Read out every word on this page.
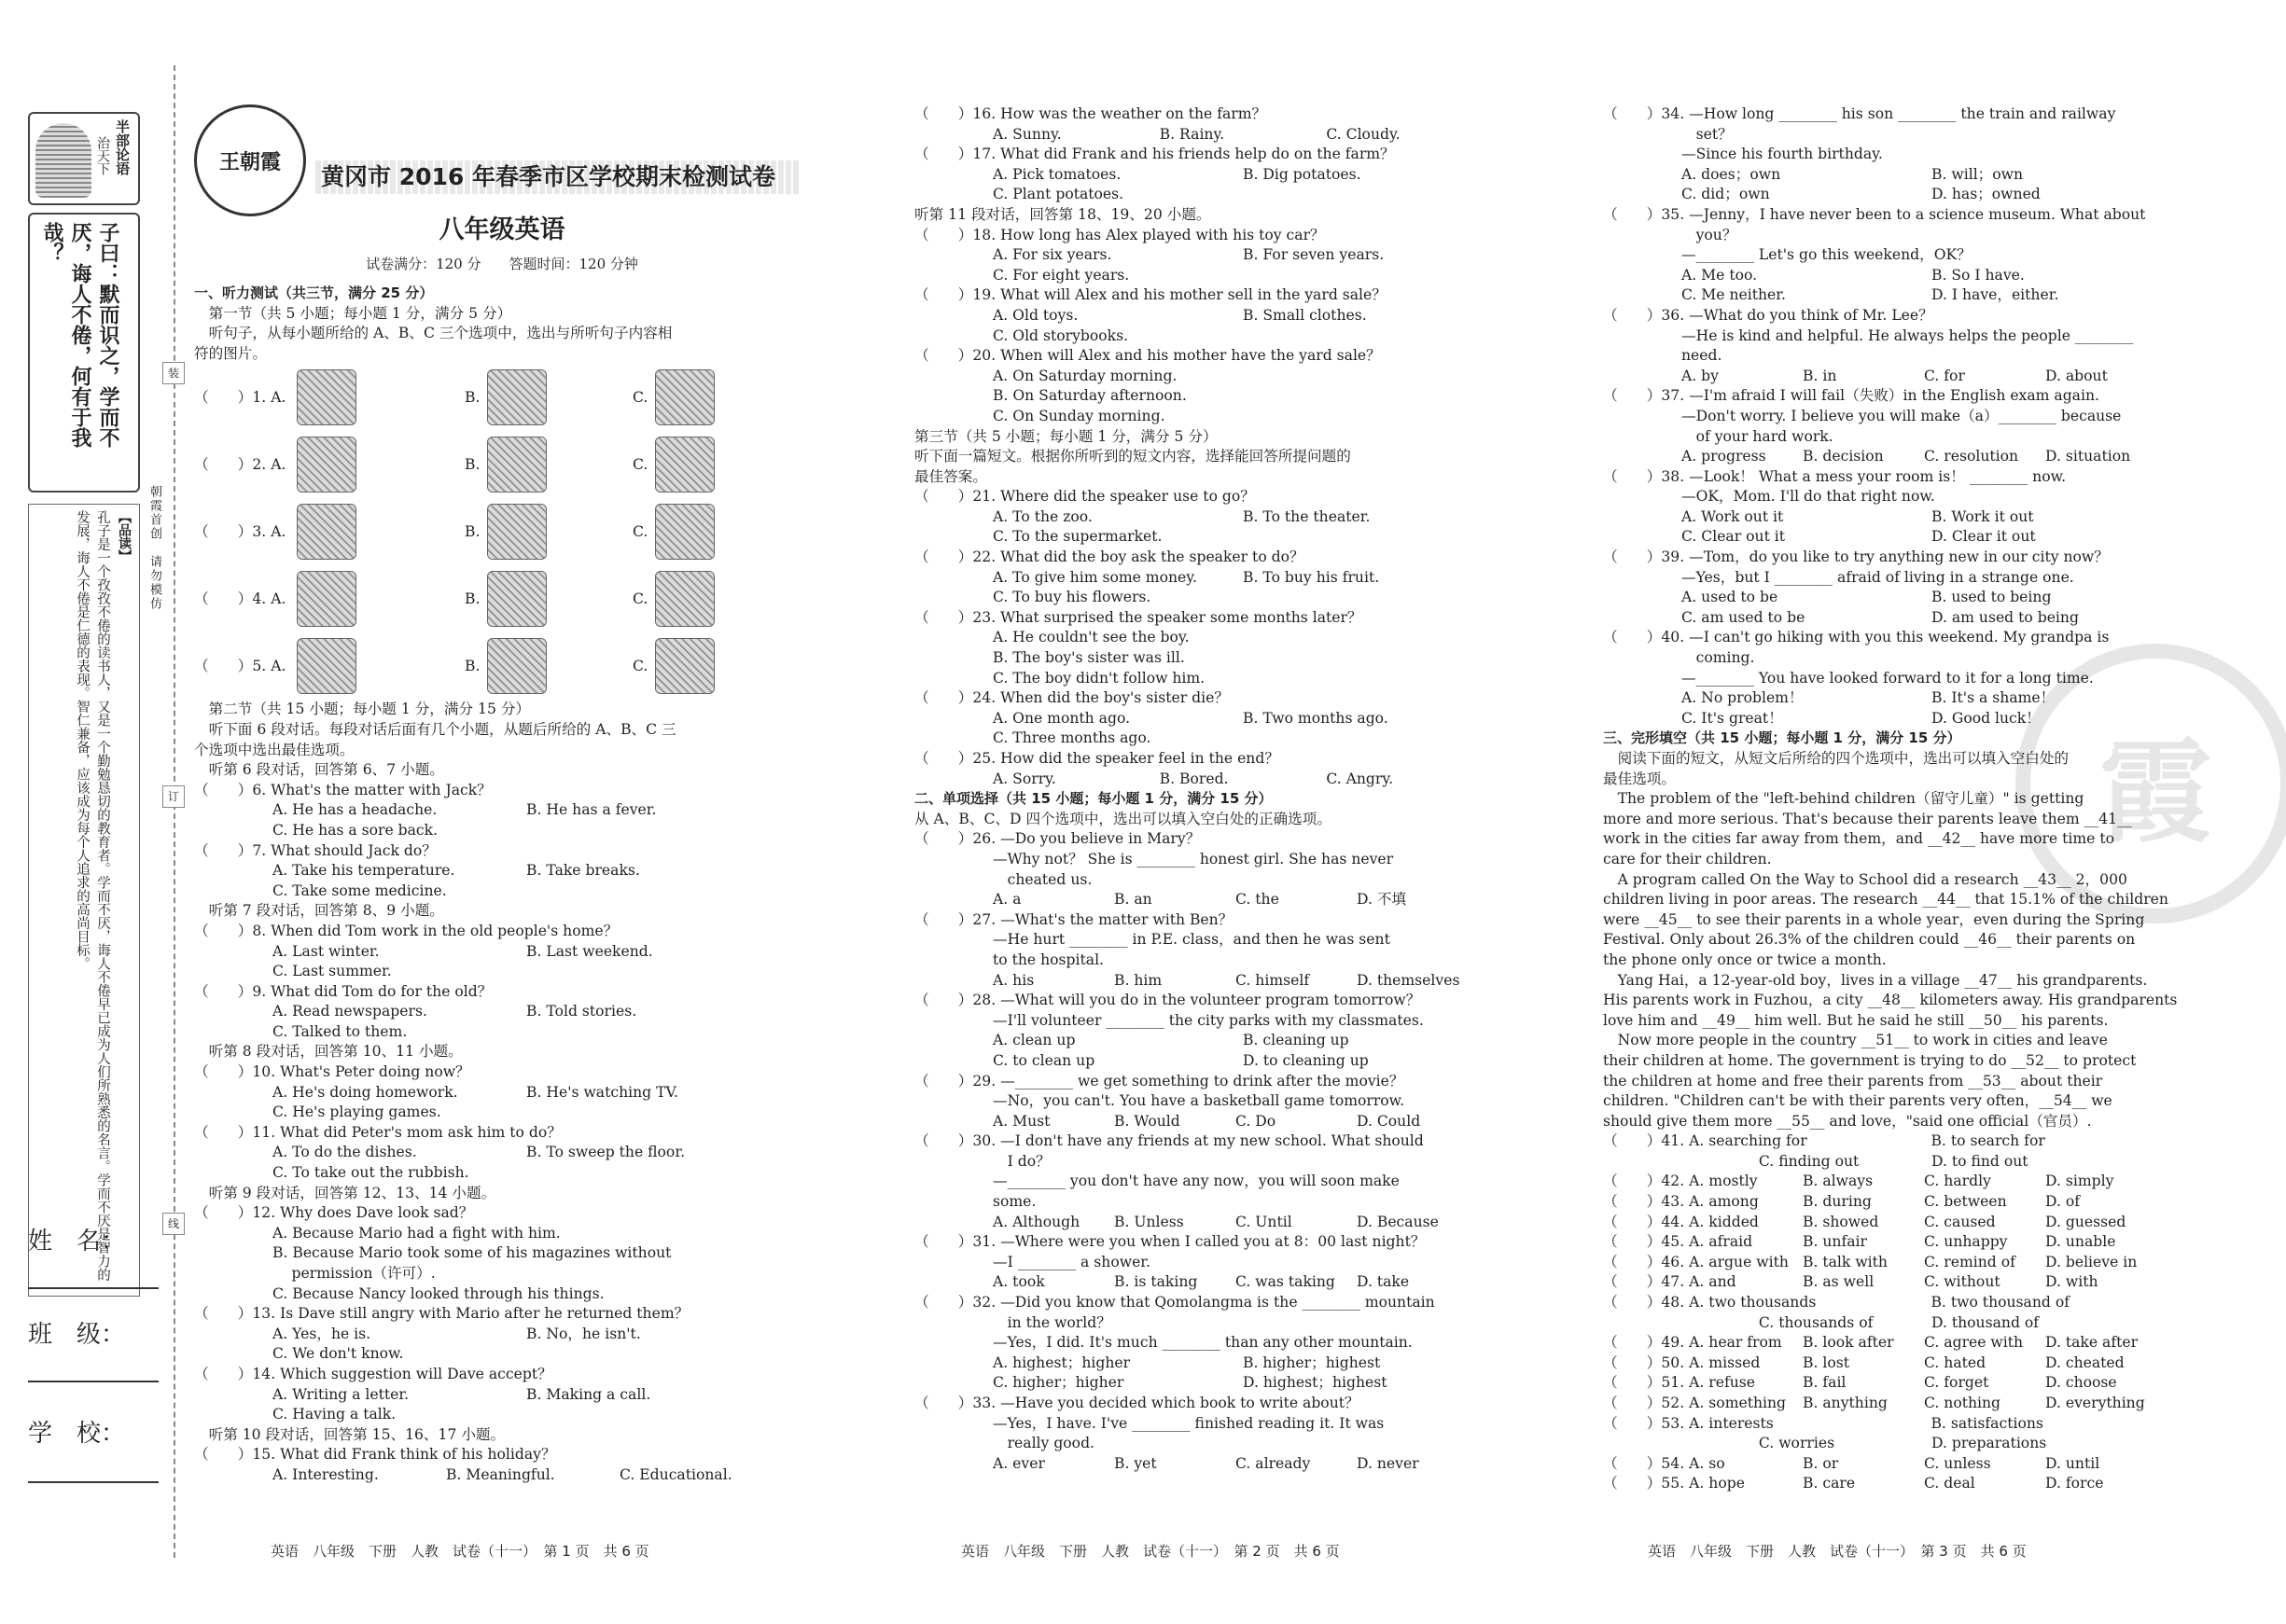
半部论语
治天下
子曰：默而识之，学而不厌，诲人不倦，何有于我哉？
【品读】
孔子是一个孜孜不倦的读书人，又是一个勤勉恳切的教育者。学而不厌，诲人不倦早已成为人们所熟悉的名言。学而不厌是智力的发展，诲人不倦是仁德的表现。智仁兼备，应该成为每个人追求的高尚目标。	朝霞首创　请勿模仿
姓　名：
班　级：
学　校：
装
订
线
霞
王朝霞
黄冈市 2016 年春季市区学校期末检测试卷
八年级英语
试卷满分：120 分　　答题时间：120 分钟
一、听力测试（共三节，满分 25 分）
　第一节（共 5 小题；每小题 1 分，满分 5 分）
　听句子，从每小题所给的 A、B、C 三个选项中，选出与所听句子内容相
符的图片。
（　　）1. A.	B.	C.
（　　）2. A.	B.	C.
（　　）3. A.	B.	C.
（　　）4. A.	B.	C.
（　　）5. A.	B.	C.
　第二节（共 15 小题；每小题 1 分，满分 15 分）
　听下面 6 段对话。每段对话后面有几个小题，从题后所给的 A、B、C 三
个选项中选出最佳选项。
　听第 6 段对话，回答第 6、7 小题。
（　　）6. What's the matter with Jack？
A. He has a headache.	B. He has a fever.
C. He has a sore back.
（　　）7. What should Jack do？
A. Take his temperature.	B. Take breaks.
C. Take some medicine.
　听第 7 段对话，回答第 8、9 小题。
（　　）8. When did Tom work in the old people's home？
A. Last winter.	B. Last weekend.
C. Last summer.
（　　）9. What did Tom do for the old？
A. Read newspapers.	B. Told stories.
C. Talked to them.
　听第 8 段对话，回答第 10、11 小题。
（　　）10. What's Peter doing now？
A. He's doing homework.	B. He's watching TV.
C. He's playing games.
（　　）11. What did Peter's mom ask him to do？
A. To do the dishes.	B. To sweep the floor.
C. To take out the rubbish.
　听第 9 段对话，回答第 12、13、14 小题。
（　　）12. Why does Dave look sad？
A. Because Mario had a fight with him.
B. Because Mario took some of his magazines without
　 permission（许可）.
C. Because Nancy looked through his things.
（　　）13. Is Dave still angry with Mario after he returned them？
A. Yes，he is.	B. No，he isn't.
C. We don't know.
（　　）14. Which suggestion will Dave accept？
A. Writing a letter.	B. Making a call.
C. Having a talk.
　听第 10 段对话，回答第 15、16、17 小题。
（　　）15. What did Frank think of his holiday？
A. Interesting.	B. Meaningful.	C. Educational.
（　　）16. How was the weather on the farm？
A. Sunny.	B. Rainy.	C. Cloudy.
（　　）17. What did Frank and his friends help do on the farm？
A. Pick tomatoes.	B. Dig potatoes.
C. Plant potatoes.
听第 11 段对话，回答第 18、19、20 小题。
（　　）18. How long has Alex played with his toy car？
A. For six years.	B. For seven years.
C. For eight years.
（　　）19. What will Alex and his mother sell in the yard sale？
A. Old toys.	B. Small clothes.
C. Old storybooks.
（　　）20. When will Alex and his mother have the yard sale？
A. On Saturday morning.
B. On Saturday afternoon.
C. On Sunday morning.
第三节（共 5 小题；每小题 1 分，满分 5 分）
听下面一篇短文。根据你所听到的短文内容，选择能回答所提问题的
最佳答案。
（　　）21. Where did the speaker use to go？
A. To the zoo.	B. To the theater.
C. To the supermarket.
（　　）22. What did the boy ask the speaker to do？
A. To give him some money.	B. To buy his fruit.
C. To buy his flowers.
（　　）23. What surprised the speaker some months later？
A. He couldn't see the boy.
B. The boy's sister was ill.
C. The boy didn't follow him.
（　　）24. When did the boy's sister die？
A. One month ago.	B. Two months ago.
C. Three months ago.
（　　）25. How did the speaker feel in the end？
A. Sorry.	B. Bored.	C. Angry.
二、单项选择（共 15 小题；每小题 1 分，满分 15 分）
从 A、B、C、D 四个选项中，选出可以填入空白处的正确选项。
（　　）26. —Do you believe in Mary？
—Why not？ She is ________ honest girl. She has never
　cheated us.
A. a	B. an	C. the	D. 不填
（　　）27. —What's the matter with Ben？
—He hurt ________ in P.E. class，and then he was sent
to the hospital.
A. his	B. him	C. himself	D. themselves
（　　）28. —What will you do in the volunteer program tomorrow？
—I'll volunteer ________ the city parks with my classmates.
A. clean up	B. cleaning up
C. to clean up	D. to cleaning up
（　　）29. —________ we get something to drink after the movie？
—No，you can't. You have a basketball game tomorrow.
A. Must	B. Would	C. Do	D. Could
（　　）30. —I don't have any friends at my new school. What should
　I do？
—________ you don't have any now，you will soon make
some.
A. Although	B. Unless	C. Until	D. Because
（　　）31. —Where were you when I called you at 8：00 last night？
—I ________ a shower.
A. took	B. is taking	C. was taking	D. take
（　　）32. —Did you know that Qomolangma is the ________ mountain
　in the world？
—Yes，I did. It's much ________ than any other mountain.
A. highest；higher	B. higher；highest
C. higher；higher	D. highest；highest
（　　）33. —Have you decided which book to write about？
—Yes，I have. I've ________ finished reading it. It was
　really good.
A. ever	B. yet	C. already	D. never
（　　）34. —How long ________ his son ________ the train and railway
　set？
—Since his fourth birthday.
A. does；own	B. will；own
C. did；own	D. has；owned
（　　）35. —Jenny，I have never been to a science museum. What about
　you？
—________ Let's go this weekend，OK？
A. Me too.	B. So I have.
C. Me neither.	D. I have，either.
（　　）36. —What do you think of Mr. Lee？
—He is kind and helpful. He always helps the people ________
need.
A. by	B. in	C. for	D. about
（　　）37. —I'm afraid I will fail（失败）in the English exam again.
—Don't worry. I believe you will make（a）________ because
　of your hard work.
A. progress	B. decision	C. resolution	D. situation
（　　）38. —Look！ What a mess your room is！ ________ now.
—OK，Mom. I'll do that right now.
A. Work out it	B. Work it out
C. Clear out it	D. Clear it out
（　　）39. —Tom，do you like to try anything new in our city now？
—Yes，but I ________ afraid of living in a strange one.
A. used to be	B. used to being
C. am used to be	D. am used to being
（　　）40. —I can't go hiking with you this weekend. My grandpa is
　coming.
—________ You have looked forward to it for a long time.
A. No problem！	B. It's a shame！
C. It's great！	D. Good luck！
三、完形填空（共 15 小题；每小题 1 分，满分 15 分）
　阅读下面的短文，从短文后所给的四个选项中，选出可以填入空白处的
最佳选项。
　The problem of the "left-behind children（留守儿童）" is getting
more and more serious. That's because their parents leave them __41__
work in the cities far away from them，and __42__ have more time to
care for their children.
　A program called On the Way to School did a research __43__ 2，000
children living in poor areas. The research __44__ that 15.1% of the children
were __45__ to see their parents in a whole year，even during the Spring
Festival. Only about 26.3% of the children could __46__ their parents on
the phone only once or twice a month.
　Yang Hai，a 12-year-old boy，lives in a village __47__ his grandparents.
His parents work in Fuzhou，a city __48__ kilometers away. His grandparents
love him and __49__ him well. But he said he still __50__ his parents.
　Now more people in the country __51__ to work in cities and leave
their children at home. The government is trying to do __52__ to protect
the children at home and free their parents from __53__ about their
children. "Children can't be with their parents very often，__54__ we
should give them more __55__ and love，"said one official（官员）.
（　　）41. A. searching for	B. to search for
　　　　　 C. finding out	D. to find out
（　　）42. A. mostly	B. always	C. hardly	D. simply
（　　）43. A. among	B. during	C. between	D. of
（　　）44. A. kidded	B. showed	C. caused	D. guessed
（　　）45. A. afraid	B. unfair	C. unhappy	D. unable
（　　）46. A. argue with B. talk with	C. remind of	D. believe in
（　　）47. A. and	B. as well	C. without	D. with
（　　）48. A. two thousands	B. two thousand of
　　　　　 C. thousands of	D. thousand of
（　　）49. A. hear from	B. look after	C. agree with	D. take after
（　　）50. A. missed	B. lost	C. hated	D. cheated
（　　）51. A. refuse	B. fail	C. forget	D. choose
（　　）52. A. something	B. anything	C. nothing	D. everything
（　　）53. A. interests	B. satisfactions
　　　　　 C. worries	D. preparations
（　　）54. A. so	B. or	C. unless	D. until
（　　）55. A. hope	B. care	C. deal	D. force
英语　八年级　下册　人教　试卷（十一）　第 1 页　共 6 页	英语　八年级　下册　人教　试卷（十一）　第 2 页　共 6 页	英语　八年级　下册　人教　试卷（十一）　第 3 页　共 6 页
